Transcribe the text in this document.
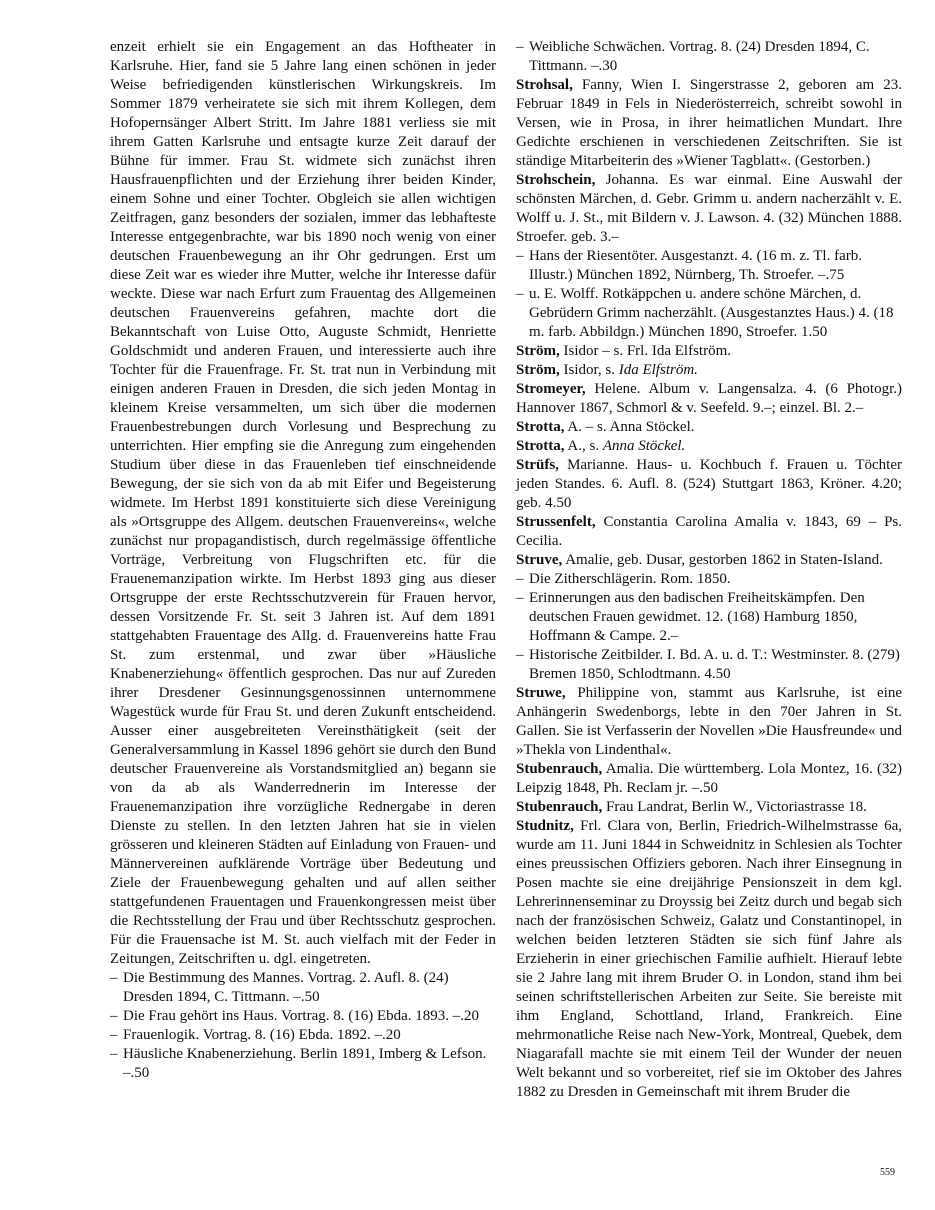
enzeit erhielt sie ein Engagement an das Hoftheater in Karlsruhe. Hier, fand sie 5 Jahre lang einen schönen in jeder Weise befriedigenden künstlerischen Wirkungskreis. Im Sommer 1879 verheiratete sie sich mit ihrem Kollegen, dem Hofopernsänger Albert Stritt. Im Jahre 1881 verliess sie mit ihrem Gatten Karlsruhe und entsagte kurze Zeit darauf der Bühne für immer. Frau St. widmete sich zunächst ihren Hausfrauenpflichten und der Erziehung ihrer beiden Kinder, einem Sohne und einer Tochter. Obgleich sie allen wichtigen Zeitfragen, ganz besonders der sozialen, immer das lebhafteste Interesse entgegenbrachte, war bis 1890 noch wenig von einer deutschen Frauenbewegung an ihr Ohr gedrungen. Erst um diese Zeit war es wieder ihre Mutter, welche ihr Interesse dafür weckte. Diese war nach Erfurt zum Frauentag des Allgemeinen deutschen Frauenvereins gefahren, machte dort die Bekanntschaft von Luise Otto, Auguste Schmidt, Henriette Goldschmidt und anderen Frauen, und interessierte auch ihre Tochter für die Frauenfrage. Fr. St. trat nun in Verbindung mit einigen anderen Frauen in Dresden, die sich jeden Montag in kleinem Kreise versammelten, um sich über die modernen Frauenbestrebungen durch Vorlesung und Besprechung zu unterrichten. Hier empfing sie die Anregung zum eingehenden Studium über diese in das Frauenleben tief einschneidende Bewegung, der sie sich von da ab mit Eifer und Begeisterung widmete. Im Herbst 1891 konstituierte sich diese Vereinigung als »Ortsgruppe des Allgem. deutschen Frauenvereins«, welche zunächst nur propagandistisch, durch regelmässige öffentliche Vorträge, Verbreitung von Flugschriften etc. für die Frauenemanzipation wirkte. Im Herbst 1893 ging aus dieser Ortsgruppe der erste Rechtsschutzverein für Frauen hervor, dessen Vorsitzende Fr. St. seit 3 Jahren ist. Auf dem 1891 stattgehabten Frauentage des Allg. d. Frauenvereins hatte Frau St. zum erstenmal, und zwar über »Häusliche Knabenerziehung« öffentlich gesprochen. Das nur auf Zureden ihrer Dresdener Gesinnungsgenossinnen unternommene Wagestück wurde für Frau St. und deren Zukunft entscheidend. Ausser einer ausgebreiteten Vereinsthätigkeit (seit der Generalversammlung in Kassel 1896 gehört sie durch den Bund deutscher Frauenvereine als Vorstandsmitglied an) begann sie von da ab als Wanderrednerin im Interesse der Frauenemanzipation ihre vorzügliche Rednergabe in deren Dienste zu stellen. In den letzten Jahren hat sie in vielen grösseren und kleineren Städten auf Einladung von Frauen- und Männervereinen aufklärende Vorträge über Bedeutung und Ziele der Frauenbewegung gehalten und auf allen seither stattgefundenen Frauentagen und Frauenkongressen meist über die Rechtsstellung der Frau und über Rechtsschutz gesprochen. Für die Frauensache ist M. St. auch vielfach mit der Feder in Zeitungen, Zeitschriften u. dgl. eingetreten.

– Die Bestimmung des Mannes. Vortrag. 2. Aufl. 8. (24) Dresden 1894, C. Tittmann. –.50

– Die Frau gehört ins Haus. Vortrag. 8. (16) Ebda. 1893. –.20

– Frauenlogik. Vortrag. 8. (16) Ebda. 1892. –.20

– Häusliche Knabenerziehung. Berlin 1891, Imberg & Lefson. –.50

– Weibliche Schwächen. Vortrag. 8. (24) Dresden 1894, C. Tittmann. –.30

Strohsal, Fanny, Wien I. Singerstrasse 2, geboren am 23. Februar 1849 in Fels in Niederösterreich, schreibt sowohl in Versen, wie in Prosa, in ihrer heimatlichen Mundart. Ihre Gedichte erschienen in verschiedenen Zeitschriften. Sie ist ständige Mitarbeiterin des »Wiener Tagblatt«. (Gestorben.)

Strohschein, Johanna. Es war einmal. Eine Auswahl der schönsten Märchen, d. Gebr. Grimm u. andern nacherzählt v. E. Wolff u. J. St., mit Bildern v. J. Lawson. 4. (32) München 1888. Stroefer. geb. 3.–

– Hans der Riesentöter. Ausgestanzt. 4. (16 m. z. Tl. farb. Illustr.) München 1892, Nürnberg, Th. Stroefer. –.75

– u. E. Wolff. Rotkäppchen u. andere schöne Märchen, d. Gebrüdern Grimm nacherzählt. (Ausgestanztes Haus.) 4. (18 m. farb. Abbildgn.) München 1890, Stroefer. 1.50

Ström, Isidor – s. Frl. Ida Elfström.

Ström, Isidor, s. Ida Elfström.

Stromeyer, Helene. Album v. Langensalza. 4. (6 Photogr.) Hannover 1867, Schmorl & v. Seefeld. 9.–; einzel. Bl. 2.–

Strotta, A. – s. Anna Stöckel.

Strotta, A., s. Anna Stöckel.

Strüfs, Marianne. Haus- u. Kochbuch f. Frauen u. Töchter jeden Standes. 6. Aufl. 8. (524) Stuttgart 1863, Kröner. 4.20; geb. 4.50

Strussenfelt, Constantia Carolina Amalia v. 1843, 69 – Ps. Cecilia.

Struve, Amalie, geb. Dusar, gestorben 1862 in Staten-Island.

– Die Zitherschlägerin. Rom. 1850.

– Erinnerungen aus den badischen Freiheitskämpfen. Den deutschen Frauen gewidmet. 12. (168) Hamburg 1850, Hoffmann & Campe. 2.–

– Historische Zeitbilder. I. Bd. A. u. d. T.: Westminster. 8. (279) Bremen 1850, Schlodtmann. 4.50

Struwe, Philippine von, stammt aus Karlsruhe, ist eine Anhängerin Swedenborgs, lebte in den 70er Jahren in St. Gallen. Sie ist Verfasserin der Novellen »Die Hausfreunde« und »Thekla von Lindenthal«.

Stubenrauch, Amalia. Die württemberg. Lola Montez, 16. (32) Leipzig 1848, Ph. Reclam jr. –.50

Stubenrauch, Frau Landrat, Berlin W., Victoriastrasse 18.

Studnitz, Frl. Clara von, Berlin, Friedrich-Wilhelmstrasse 6a, wurde am 11. Juni 1844 in Schweidnitz in Schlesien als Tochter eines preussischen Offiziers geboren. Nach ihrer Einsegnung in Posen machte sie eine dreijährige Pensionszeit in dem kgl. Lehrerinnenseminar zu Droyssig bei Zeitz durch und begab sich nach der französischen Schweiz, Galatz und Constantinopel, in welchen beiden letzteren Städten sie sich fünf Jahre als Erzieherin in einer griechischen Familie aufhielt. Hierauf lebte sie 2 Jahre lang mit ihrem Bruder O. in London, stand ihm bei seinen schriftstellerischen Arbeiten zur Seite. Sie bereiste mit ihm England, Schottland, Irland, Frankreich. Eine mehrmonatliche Reise nach New-York, Montreal, Quebek, dem Niagarafall machte sie mit einem Teil der Wunder der neuen Welt bekannt und so vorbereitet, rief sie im Oktober des Jahres 1882 zu Dresden in Gemeinschaft mit ihrem Bruder die

559
